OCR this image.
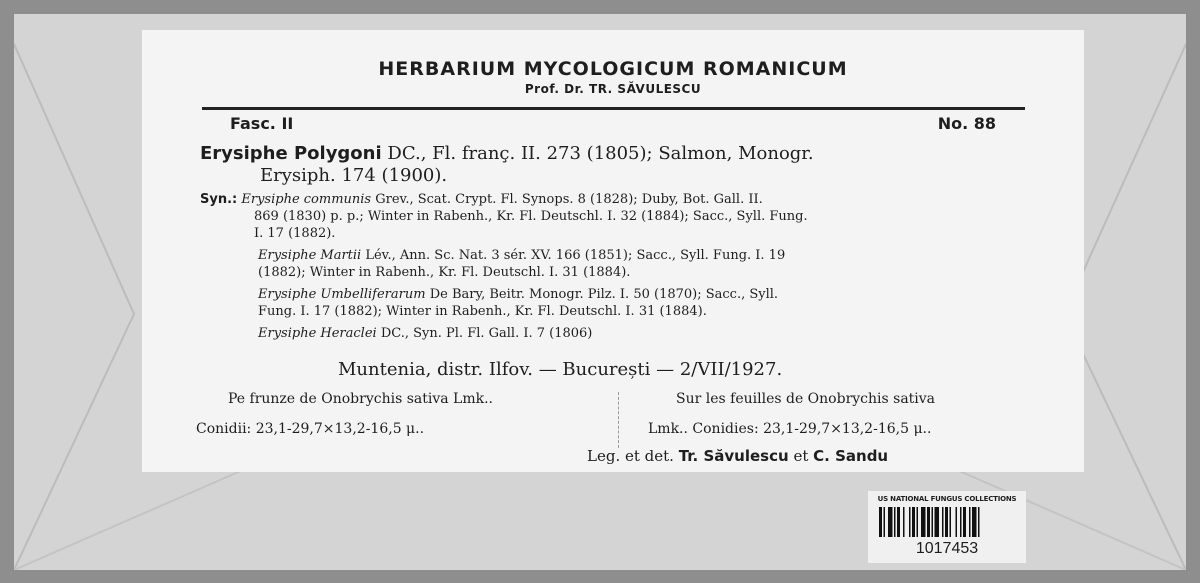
HERBARIUM MYCOLOGICUM ROMANICUM
Prof. Dr. TR. SĂVULESCU
Fasc. II	No. 88
Erysiphe Polygoni DC., Fl. franç. II. 273 (1805); Salmon, Monogr.
Erysiph. 174 (1900).
Syn.: Erysiphe communis Grev., Scat. Crypt. Fl. Synops. 8 (1828); Duby, Bot. Gall. II.
869 (1830) p. p.; Winter in Rabenh., Kr. Fl. Deutschl. I. 32 (1884); Sacc., Syll. Fung.
I. 17 (1882).
Erysiphe Martii Lév., Ann. Sc. Nat. 3 sér. XV. 166 (1851); Sacc., Syll. Fung. I. 19
(1882); Winter in Rabenh., Kr. Fl. Deutschl. I. 31 (1884).
Erysiphe Umbelliferarum De Bary, Beitr. Monogr. Pilz. I. 50 (1870); Sacc., Syll.
Fung. I. 17 (1882); Winter in Rabenh., Kr. Fl. Deutschl. I. 31 (1884).
Erysiphe Heraclei DC., Syn. Pl. Fl. Gall. I. 7 (1806)
Muntenia, distr. Ilfov. — București — 2/VII/1927.
Pe frunze de Onobrychis sativa Lmk..
Conidii: 23,1-29,7×13,2-16,5 μ..
Sur les feuilles de Onobrychis sativa
Lmk.. Conidies: 23,1-29,7×13,2-16,5 μ..
Leg. et det. Tr. Săvulescu et C. Sandu
US NATIONAL FUNGUS COLLECTIONS
1017453
